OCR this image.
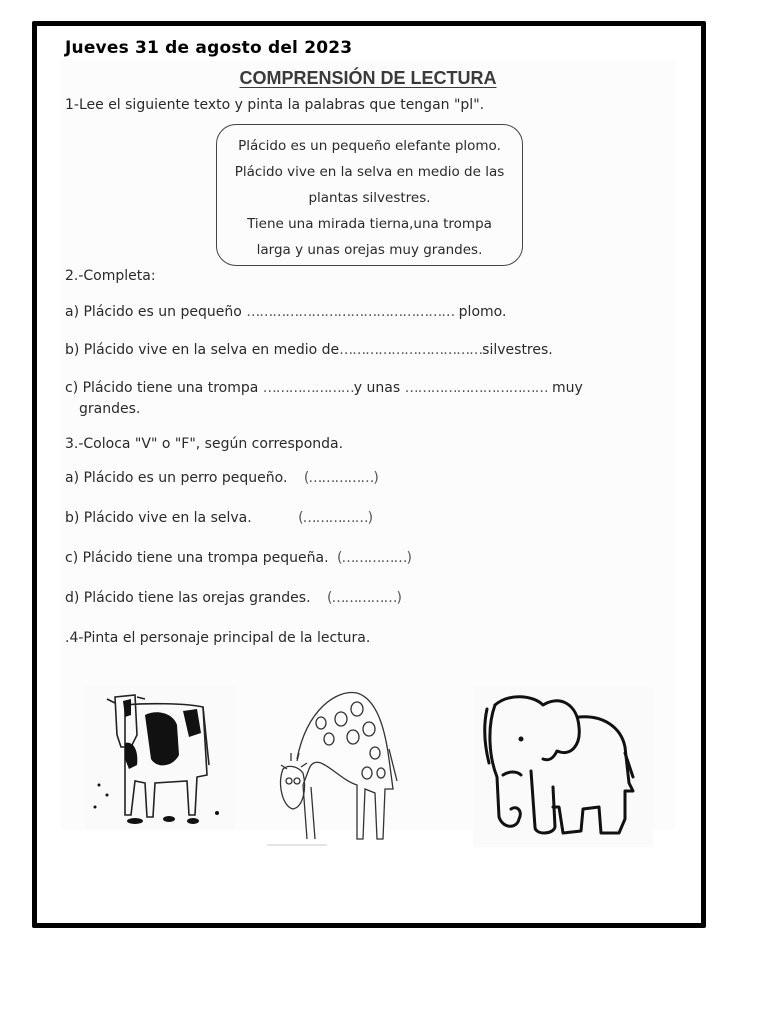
Jueves 31 de agosto del 2023
COMPRENSIÓN DE LECTURA
1-Lee el siguiente texto y pinta la palabras que tengan "pl".

Plácido es un pequeño elefante plomo.

Plácido vive en la selva en medio de las

plantas silvestres.

Tiene una mirada tierna,una trompa

larga y unas orejas muy grandes.

2.-Completa:
a) Plácido es un pequeño ………………………………………… plomo.
b) Plácido vive en la selva en medio de……………………………silvestres.
c) Plácido tiene una trompa …………………y unas …………………………… muy
grandes.
3.-Coloca "V" o "F", según corresponda.
a) Plácido es un perro pequeño. (……………)
b) Plácido vive en la selva.	(……………)
c) Plácido tiene una trompa pequeña. (……………)
d) Plácido tiene las orejas grandes. (……………)
.4-Pinta el personaje principal de la lectura.
